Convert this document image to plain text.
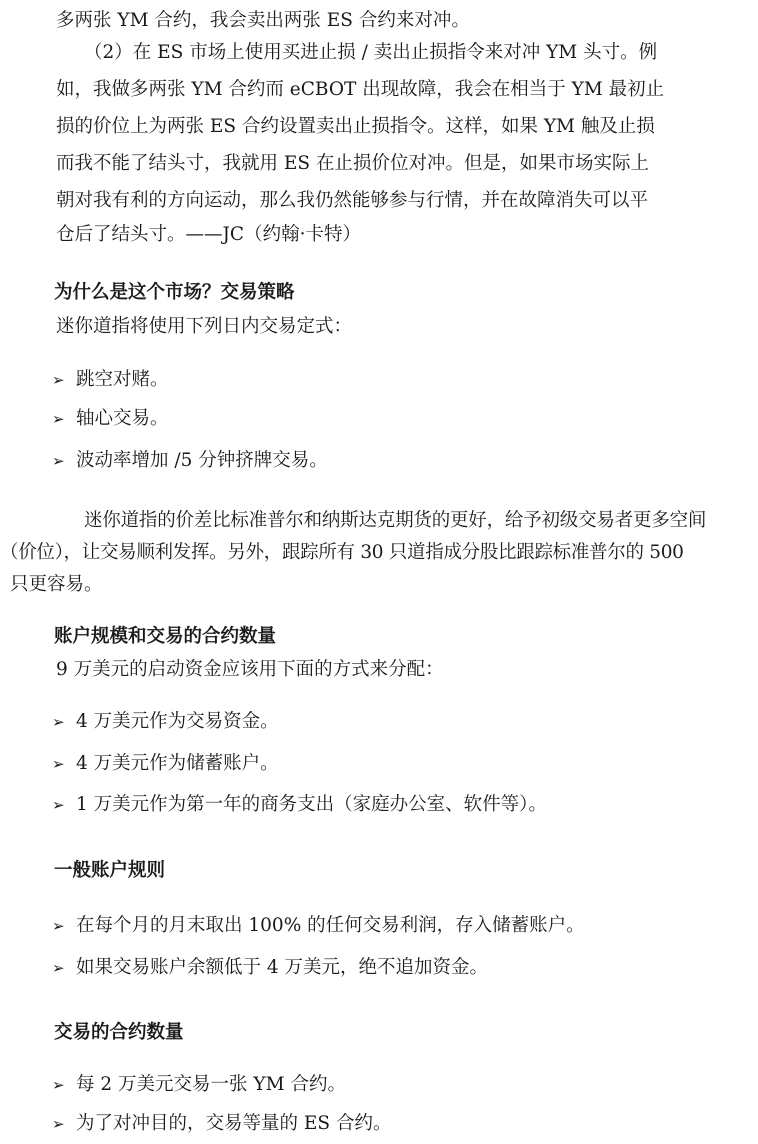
多两张 YM 合约，我会卖出两张 ES 合约来对冲。
（2）在 ES 市场上使用买进止损 / 卖出止损指令来对冲 YM 头寸。例
如，我做多两张 YM 合约而 eCBOT 出现故障，我会在相当于 YM 最初止
损的价位上为两张 ES 合约设置卖出止损指令。这样，如果 YM 触及止损
而我不能了结头寸，我就用 ES 在止损价位对冲。但是，如果市场实际上
朝对我有利的方向运动，那么我仍然能够参与行情，并在故障消失可以平
仓后了结头寸。——JC（约翰·卡特）
为什么是这个市场？交易策略
迷你道指将使用下列日内交易定式：
➢ 跳空对赌。
➢ 轴心交易。
➢ 波动率增加 /5 分钟挤牌交易。
迷你道指的价差比标准普尔和纳斯达克期货的更好，给予初级交易者更多空间
（价位），让交易顺利发挥。另外，跟踪所有 30 只道指成分股比跟踪标准普尔的 500
只更容易。
账户规模和交易的合约数量
9 万美元的启动资金应该用下面的方式来分配：
➢ 4 万美元作为交易资金。
➢ 4 万美元作为储蓄账户。
➢ 1 万美元作为第一年的商务支出（家庭办公室、软件等）。
一般账户规则
➢ 在每个月的月末取出 100% 的任何交易利润，存入储蓄账户。
➢ 如果交易账户余额低于 4 万美元，绝不追加资金。
交易的合约数量
➢ 每 2 万美元交易一张 YM 合约。
➢ 为了对冲目的，交易等量的 ES 合约。
